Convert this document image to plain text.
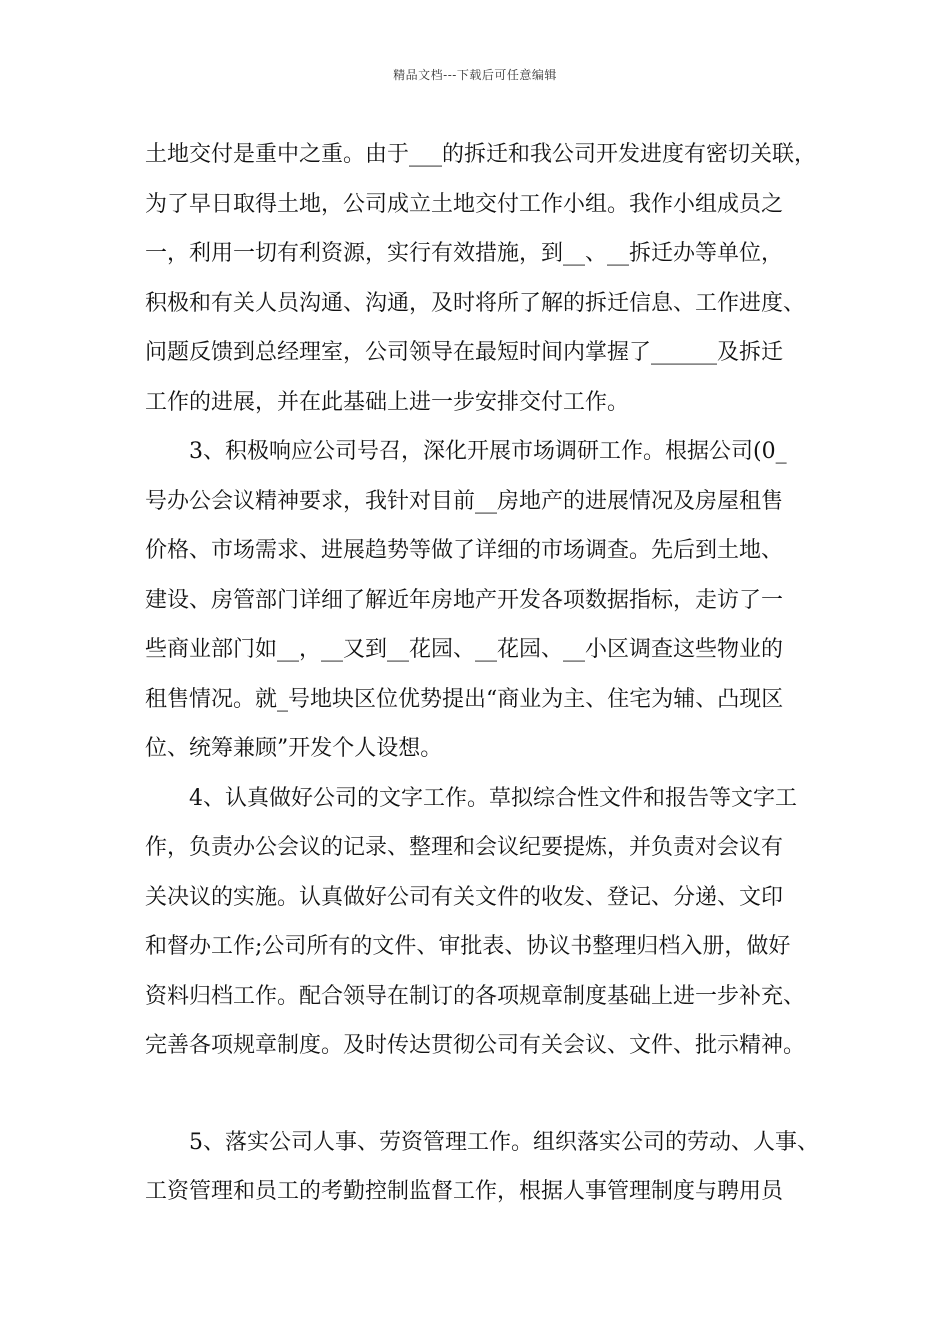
精品文档---下载后可任意编辑
土地交付是重中之重。由于___的拆迁和我公司开发进度有密切关联，
为了早日取得土地，公司成立土地交付工作小组。我作小组成员之
一，利用一切有利资源，实行有效措施，到__、__拆迁办等单位，
积极和有关人员沟通、沟通，及时将所了解的拆迁信息、工作进度、
问题反馈到总经理室，公司领导在最短时间内掌握了______及拆迁
工作的进展，并在此基础上进一步安排交付工作。
3、积极响应公司号召，深化开展市场调研工作。根据公司(0_
号办公会议精神要求，我针对目前__房地产的进展情况及房屋租售
价格、市场需求、进展趋势等做了详细的市场调查。先后到土地、
建设、房管部门详细了解近年房地产开发各项数据指标，走访了一
些商业部门如__，__又到__花园、__花园、__小区调查这些物业的
租售情况。就_号地块区位优势提出“商业为主、住宅为辅、凸现区
位、统筹兼顾”开发个人设想。
4、认真做好公司的文字工作。草拟综合性文件和报告等文字工
作，负责办公会议的记录、整理和会议纪要提炼，并负责对会议有
关决议的实施。认真做好公司有关文件的收发、登记、分递、文印
和督办工作;公司所有的文件、审批表、协议书整理归档入册，做好
资料归档工作。配合领导在制订的各项规章制度基础上进一步补充、
完善各项规章制度。及时传达贯彻公司有关会议、文件、批示精神。
5、落实公司人事、劳资管理工作。组织落实公司的劳动、人事、
工资管理和员工的考勤控制监督工作，根据人事管理制度与聘用员
